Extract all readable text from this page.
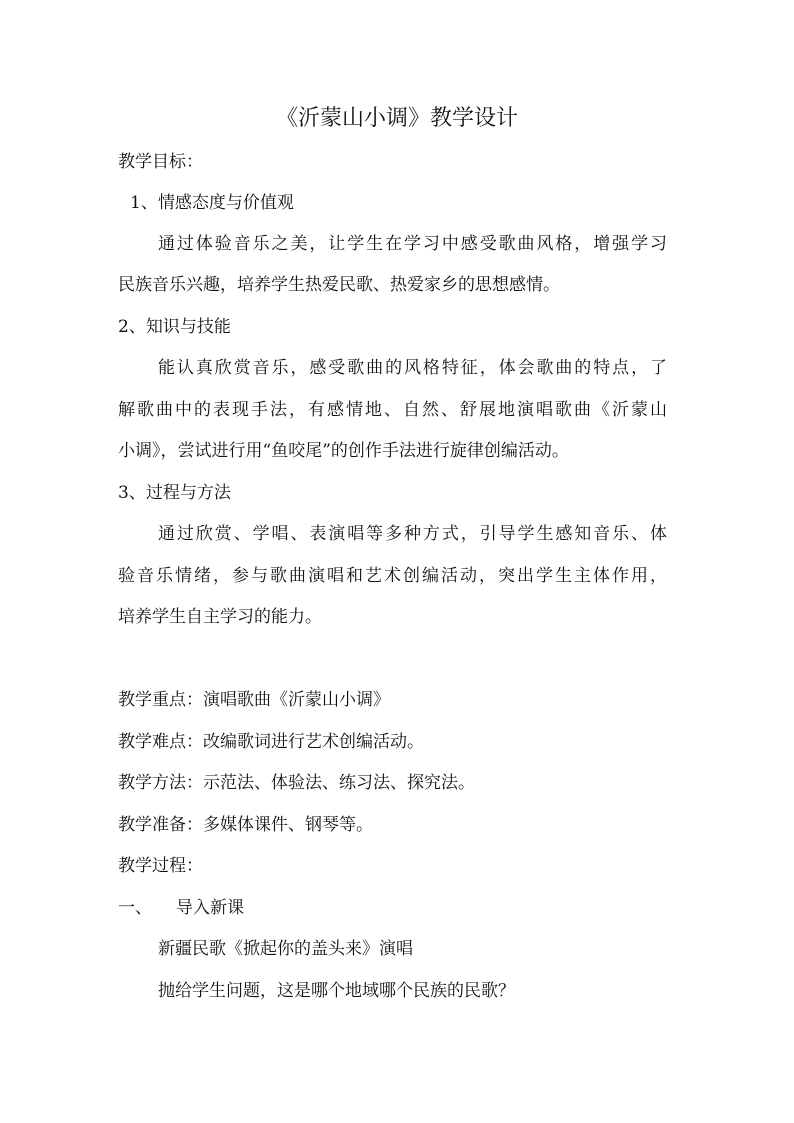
《沂蒙山小调》教学设计
教学目标：
1、情感态度与价值观
通过体验音乐之美，让学生在学习中感受歌曲风格，增强学习
民族音乐兴趣，培养学生热爱民歌、热爱家乡的思想感情。
2、知识与技能
能认真欣赏音乐，感受歌曲的风格特征，体会歌曲的特点，了
解歌曲中的表现手法，有感情地、自然、舒展地演唱歌曲《沂蒙山
小调》，尝试进行用“鱼咬尾”的创作手法进行旋律创编活动。
3、过程与方法
通过欣赏、学唱、表演唱等多种方式，引导学生感知音乐、体
验音乐情绪，参与歌曲演唱和艺术创编活动，突出学生主体作用，
培养学生自主学习的能力。
教学重点：演唱歌曲《沂蒙山小调》
教学难点：改编歌词进行艺术创编活动。
教学方法：示范法、体验法、练习法、探究法。
教学准备：多媒体课件、钢琴等。
教学过程：
一、 导入新课
新疆民歌《掀起你的盖头来》演唱
抛给学生问题，这是哪个地域哪个民族的民歌？
